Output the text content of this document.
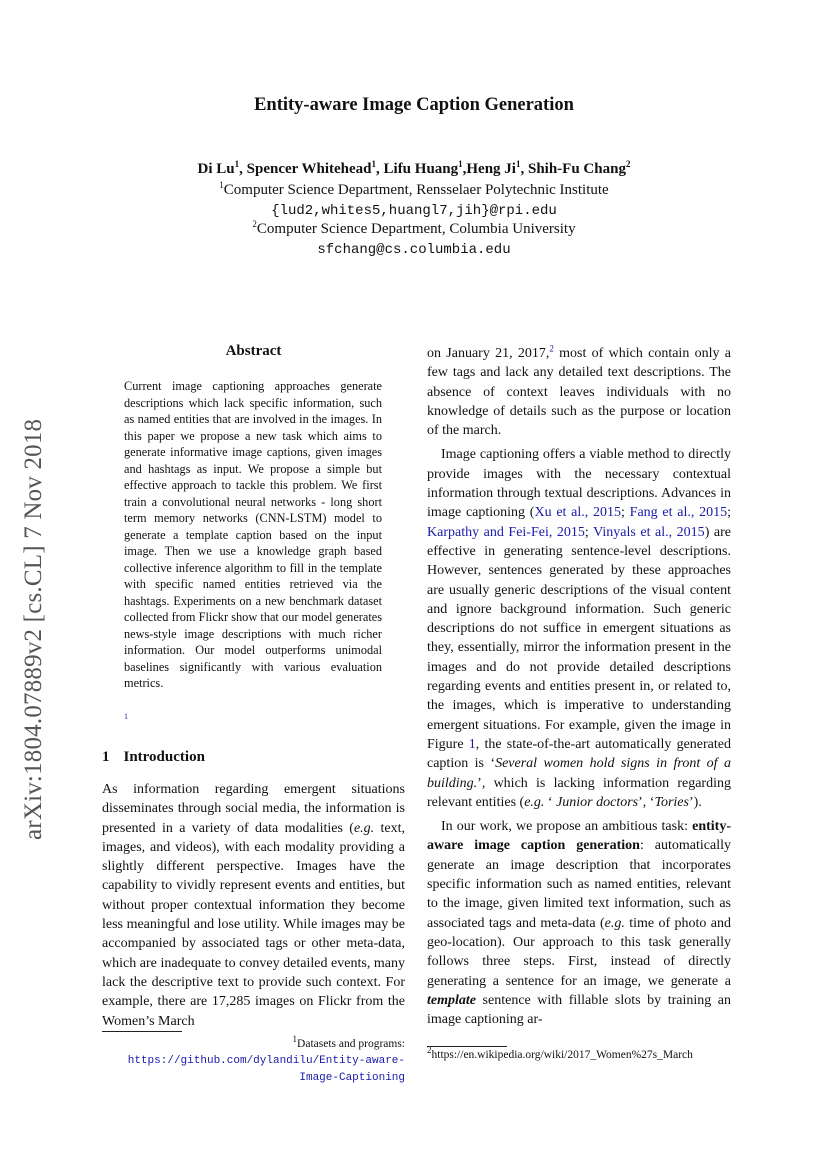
arXiv:1804.07889v2 [cs.CL] 7 Nov 2018
Entity-aware Image Caption Generation
Di Lu$^1$, Spencer Whitehead$^1$, Lifu Huang$^1$,Heng Ji$^1$, Shih-Fu Chang$^2$
$^1$Computer Science Department, Rensselaer Polytechnic Institute
{lud2,whites5,huangl7,jih}@rpi.edu
$^2$Computer Science Department, Columbia University
sfchang@cs.columbia.edu
Abstract
Current image captioning approaches generate descriptions which lack specific information, such as named entities that are involved in the images. In this paper we propose a new task which aims to generate informative image captions, given images and hashtags as input. We propose a simple but effective approach to tackle this problem. We first train a convolutional neural networks - long short term memory networks (CNN-LSTM) model to generate a template caption based on the input image. Then we use a knowledge graph based collective inference algorithm to fill in the template with specific named entities retrieved via the hashtags. Experiments on a new benchmark dataset collected from Flickr show that our model generates news-style image descriptions with much richer information. Our model outperforms unimodal baselines significantly with various evaluation metrics.
1
1 Introduction
As information regarding emergent situations disseminates through social media, the information is presented in a variety of data modalities (e.g. text, images, and videos), with each modality providing a slightly different perspective. Images have the capability to vividly represent events and entities, but without proper contextual information they become less meaningful and lose utility. While images may be accompanied by associated tags or other meta-data, which are inadequate to convey detailed events, many lack the descriptive text to provide such context. For example, there are 17,285 images on Flickr from the Women’s March

on January 21, 2017,$^2$ most of which contain only a few tags and lack any detailed text descriptions. The absence of context leaves individuals with no knowledge of details such as the purpose or location of the march.

Image captioning offers a viable method to directly provide images with the necessary contextual information through textual descriptions. Advances in image captioning (Xu et al., 2015; Fang et al., 2015; Karpathy and Fei-Fei, 2015; Vinyals et al., 2015) are effective in generating sentence-level descriptions. However, sentences generated by these approaches are usually generic descriptions of the visual content and ignore background information. Such generic descriptions do not suffice in emergent situations as they, essentially, mirror the information present in the images and do not provide detailed descriptions regarding events and entities present in, or related to, the images, which is imperative to understanding emergent situations. For example, given the image in Figure 1, the state-of-the-art automatically generated caption is ‘Several women hold signs in front of a building.’, which is lacking information regarding relevant entities (e.g. ‘ Junior doctors’, ‘Tories’).

In our work, we propose an ambitious task: entity-aware image caption generation: automatically generate an image description that incorporates specific information such as named entities, relevant to the image, given limited text information, such as associated tags and meta-data (e.g. time of photo and geo-location). Our approach to this task generally follows three steps. First, instead of directly generating a sentence for an image, we generate a template sentence with fillable slots by training an image captioning ar-

$^1$Datasets and programs: https://github.com/dylandilu/Entity-aware-Image-Captioning
$^2$https://en.wikipedia.org/wiki/2017_Women%27s_March
